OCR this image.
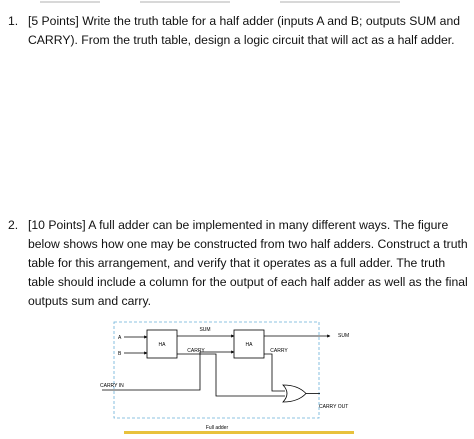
1. [5 Points] Write the truth table for a half adder (inputs A and B; outputs SUM and CARRY). From the truth table, design a logic circuit that will act as a half adder.
2. [10 Points] A full adder can be implemented in many different ways. The figure below shows how one may be constructed from two half adders. Construct a truth table for this arrangement, and verify that it operates as a full adder. The truth table should include a column for the output of each half adder as well as the final outputs sum and carry.
HA	HA
A
B
SUM
CARRY
CARRY IN
SUM
CARRY
CARRY OUT
Full adder
